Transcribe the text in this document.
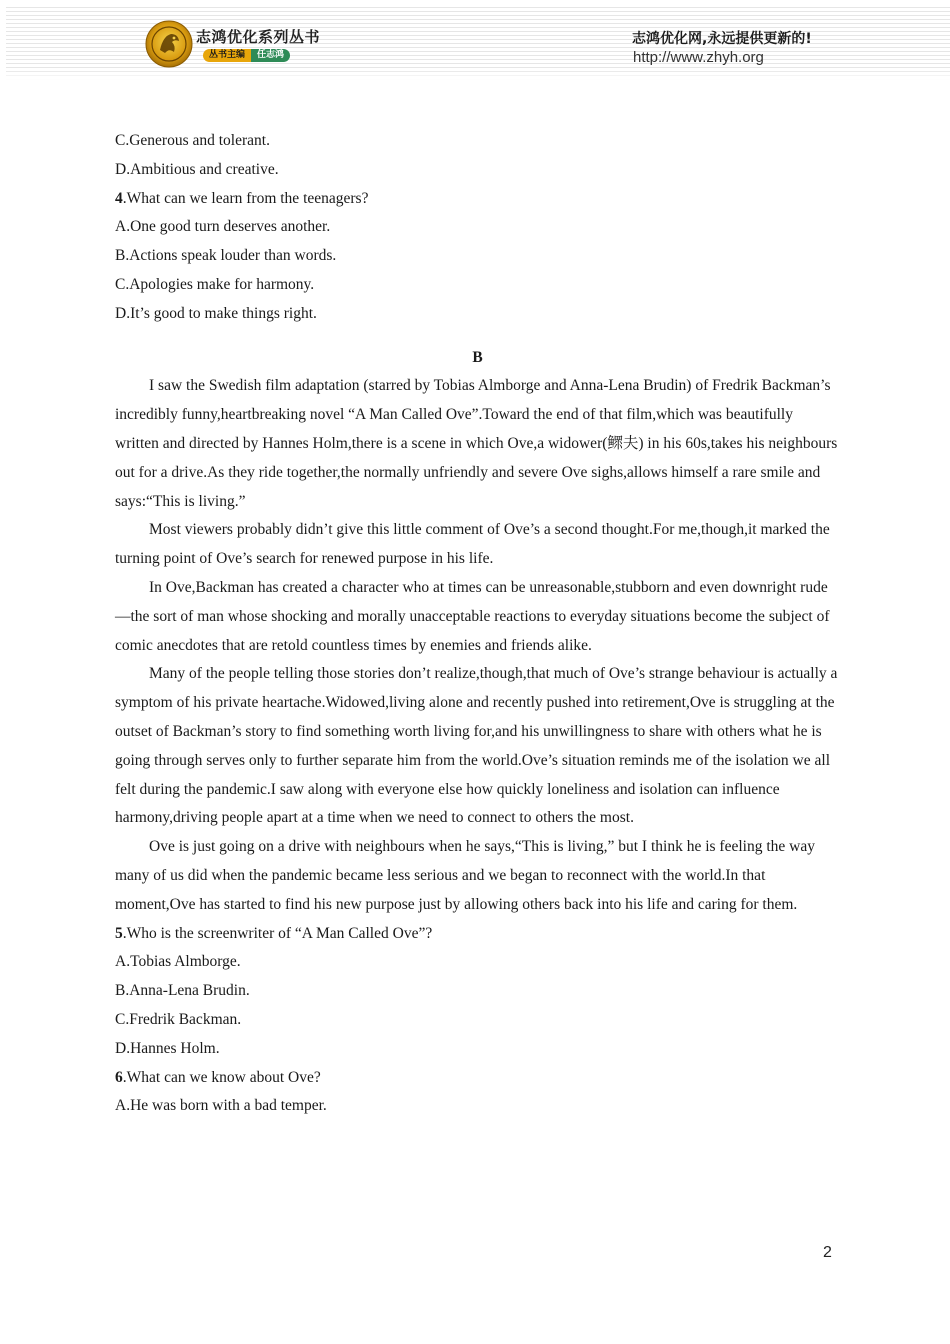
志鸿优化系列丛书
丛书主编 任志鸿
志鸿优化网,永远提供更新的!
http://www.zhyh.org

C.Generous and tolerant.

D.Ambitious and creative.

4.What can we learn from the teenagers?

A.One good turn deserves another.

B.Actions speak louder than words.

C.Apologies make for harmony.

D.It’s good to make things right.

B

I saw the Swedish film adaptation (starred by Tobias Almborge and Anna-Lena Brudin) of Fredrik Backman’s incredibly funny,heartbreaking novel “A Man Called Ove”.Toward the end of that film,which was beautifully written and directed by Hannes Holm,there is a scene in which Ove,a widower(鳏夫) in his 60s,takes his neighbours out for a drive.As they ride together,the normally unfriendly and severe Ove sighs,allows himself a rare smile and says:“This is living.”

Most viewers probably didn’t give this little comment of Ove’s a second thought.For me,though,it marked the turning point of Ove’s search for renewed purpose in his life.

In Ove,Backman has created a character who at times can be unreasonable,stubborn and even downright rude—the sort of man whose shocking and morally unacceptable reactions to everyday situations become the subject of comic anecdotes that are retold countless times by enemies and friends alike.

Many of the people telling those stories don’t realize,though,that much of Ove’s strange behaviour is actually a symptom of his private heartache.Widowed,living alone and recently pushed into retirement,Ove is struggling at the outset of Backman’s story to find something worth living for,and his unwillingness to share with others what he is going through serves only to further separate him from the world.Ove’s situation reminds me of the isolation we all felt during the pandemic.I saw along with everyone else how quickly loneliness and isolation can influence harmony,driving people apart at a time when we need to connect to others the most.

Ove is just going on a drive with neighbours when he says,“This is living,” but I think he is feeling the way many of us did when the pandemic became less serious and we began to reconnect with the world.In that moment,Ove has started to find his new purpose just by allowing others back into his life and caring for them.

5.Who is the screenwriter of “A Man Called Ove”?

A.Tobias Almborge.

B.Anna-Lena Brudin.

C.Fredrik Backman.

D.Hannes Holm.

6.What can we know about Ove?

A.He was born with a bad temper.

2
